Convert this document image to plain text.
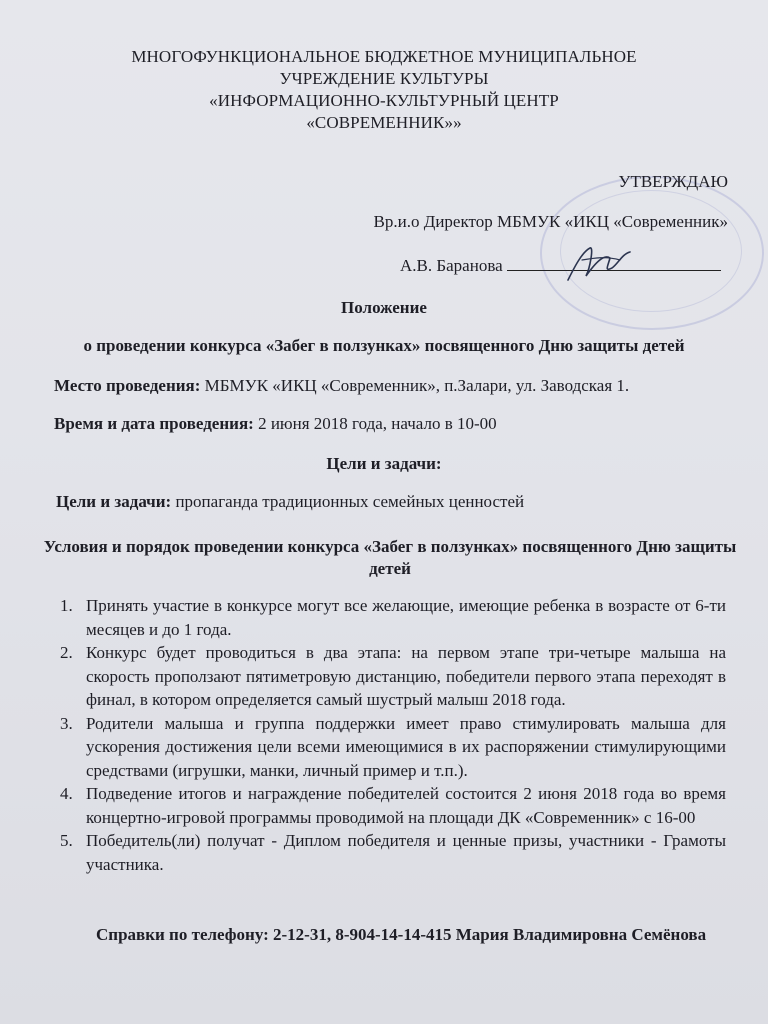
МНОГОФУНКЦИОНАЛЬНОЕ БЮДЖЕТНОЕ МУНИЦИПАЛЬНОЕ
УЧРЕЖДЕНИЕ КУЛЬТУРЫ
«ИНФОРМАЦИОННО-КУЛЬТУРНЫЙ ЦЕНТР
«СОВРЕМЕННИК»»
УТВЕРЖДАЮ
Вр.и.о Директор МБМУК «ИКЦ «Современник»
А.В. Баранова
Положение
о проведении конкурса «Забег в ползунках» посвященного Дню защиты детей
Место проведения: МБМУК «ИКЦ «Современник», п.Залари, ул. Заводская 1.
Время и дата проведения: 2 июня 2018 года, начало в 10-00
Цели и задачи:
Цели и задачи: пропаганда традиционных семейных ценностей
Условия и порядок проведении конкурса «Забег в ползунках» посвященного Дню защиты детей
1. Принять участие в конкурсе могут все желающие, имеющие ребенка в возрасте от 6-ти месяцев и до 1 года.
2. Конкурс будет проводиться в два этапа: на первом этапе три-четыре малыша на скорость проползают пятиметровую дистанцию, победители первого этапа переходят в финал, в котором определяется самый шустрый малыш 2018 года.
3. Родители малыша и группа поддержки имеет право стимулировать малыша для ускорения достижения цели всеми имеющимися в их распоряжении стимулирующими средствами (игрушки, манки, личный пример и т.п.).
4. Подведение итогов и награждение победителей состоится 2 июня 2018 года во время концертно-игровой программы проводимой на площади ДК «Современник» с 16-00
5. Победитель(ли) получат - Диплом победителя и ценные призы, участники - Грамоты участника.
Справки по телефону: 2-12-31, 8-904-14-14-415 Мария Владимировна Семёнова
